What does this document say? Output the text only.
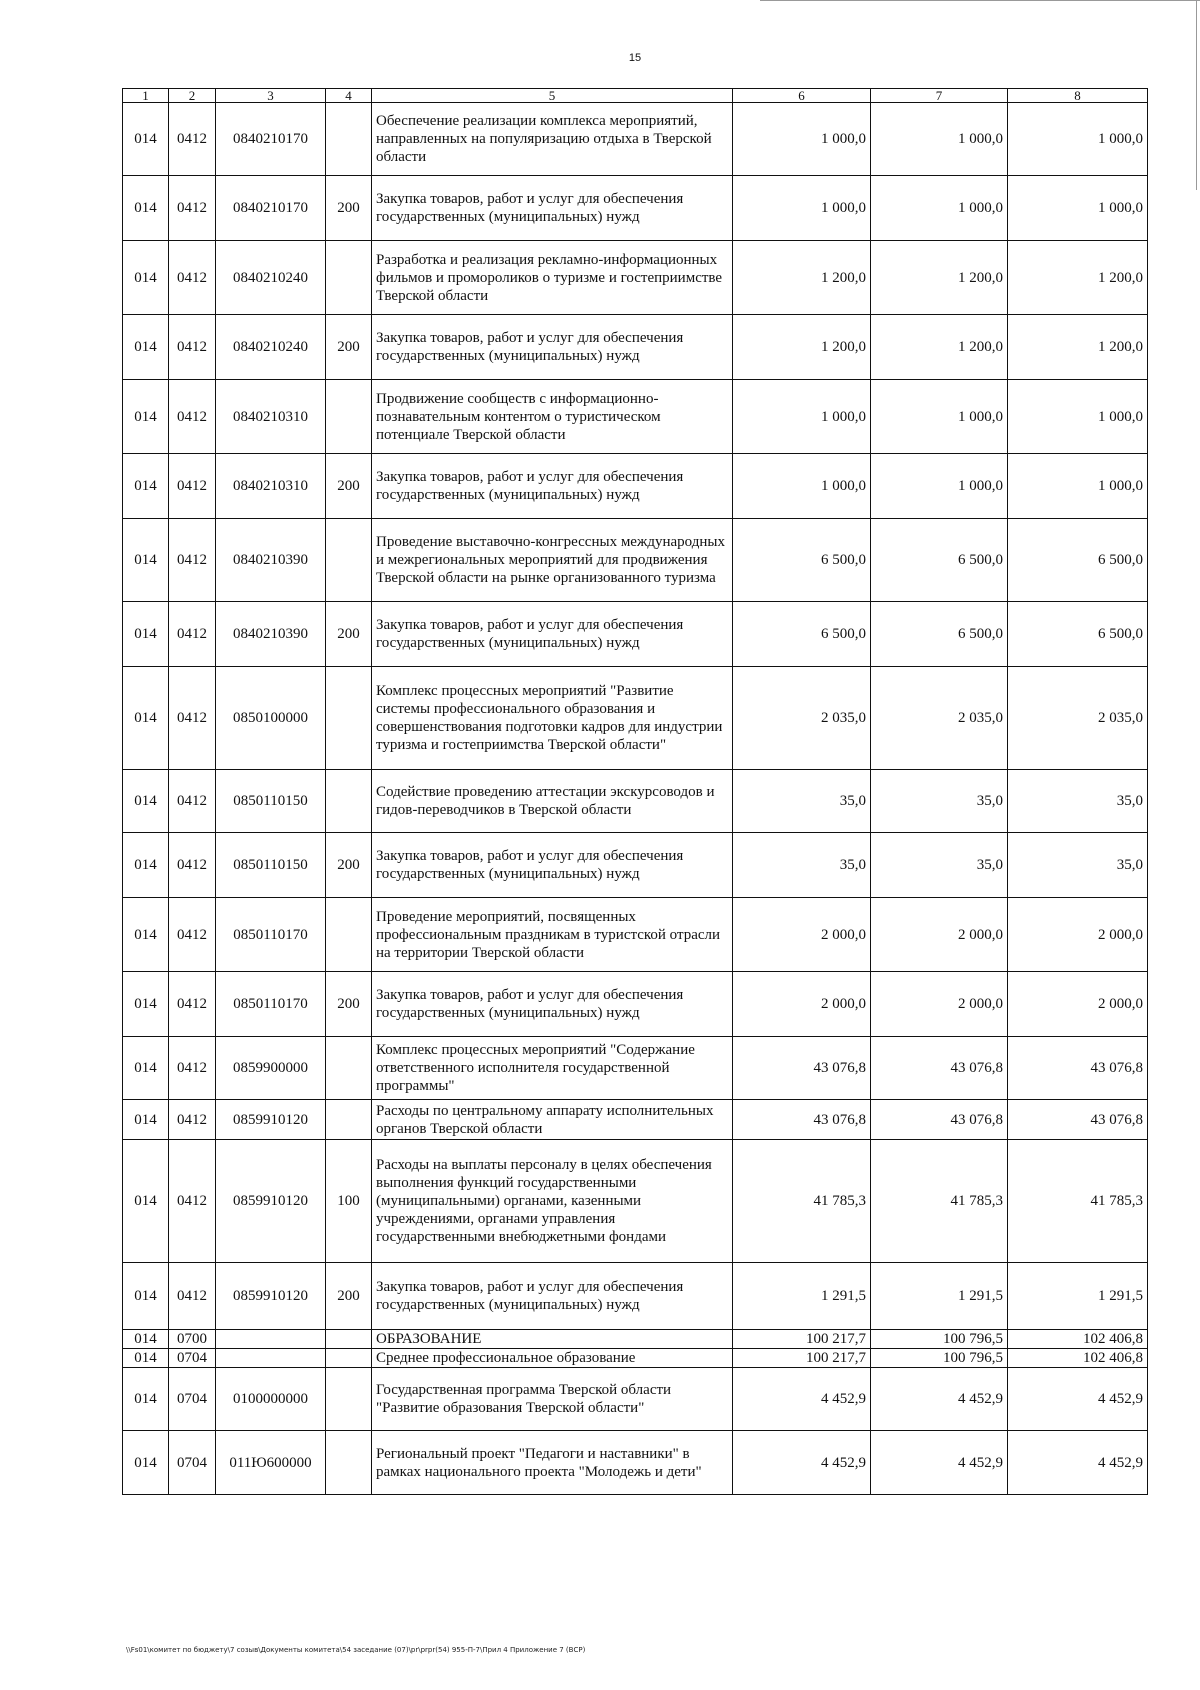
15
1	2	3	4	5	6	7	8
014	0412	0840210170		Обеспечение реализации комплекса мероприятий, направленных на популяризацию отдыха в Тверской области	1 000,0	1 000,0	1 000,0
014	0412	0840210170	200	Закупка товаров, работ и услуг для обеспечения государственных (муниципальных) нужд	1 000,0	1 000,0	1 000,0
014	0412	0840210240		Разработка и реализация рекламно-информационных фильмов и промороликов о туризме и гостеприимстве Тверской области	1 200,0	1 200,0	1 200,0
014	0412	0840210240	200	Закупка товаров, работ и услуг для обеспечения государственных (муниципальных) нужд	1 200,0	1 200,0	1 200,0
014	0412	0840210310		Продвижение сообществ с информационно-познавательным контентом о туристическом потенциале Тверской области	1 000,0	1 000,0	1 000,0
014	0412	0840210310	200	Закупка товаров, работ и услуг для обеспечения государственных (муниципальных) нужд	1 000,0	1 000,0	1 000,0
014	0412	0840210390		Проведение выставочно-конгрессных международных и межрегиональных мероприятий для продвижения Тверской области на рынке организованного туризма	6 500,0	6 500,0	6 500,0
014	0412	0840210390	200	Закупка товаров, работ и услуг для обеспечения государственных (муниципальных) нужд	6 500,0	6 500,0	6 500,0
014	0412	0850100000		Комплекс процессных мероприятий "Развитие системы профессионального образования и совершенствования подготовки кадров для индустрии туризма и гостеприимства Тверской области"	2 035,0	2 035,0	2 035,0
014	0412	0850110150		Содействие проведению аттестации экскурсоводов и гидов-переводчиков в Тверской области	35,0	35,0	35,0
014	0412	0850110150	200	Закупка товаров, работ и услуг для обеспечения государственных (муниципальных) нужд	35,0	35,0	35,0
014	0412	0850110170		Проведение мероприятий, посвященных профессиональным праздникам в туристской отрасли на территории Тверской области	2 000,0	2 000,0	2 000,0
014	0412	0850110170	200	Закупка товаров, работ и услуг для обеспечения государственных (муниципальных) нужд	2 000,0	2 000,0	2 000,0
014	0412	0859900000		Комплекс процессных мероприятий "Содержание ответственного исполнителя государственной программы"	43 076,8	43 076,8	43 076,8
014	0412	0859910120		Расходы по центральному аппарату исполнительных органов Тверской области	43 076,8	43 076,8	43 076,8
014	0412	0859910120	100	Расходы на выплаты персоналу в целях обеспечения выполнения функций государственными (муниципальными) органами, казенными учреждениями, органами управления государственными внебюджетными фондами	41 785,3	41 785,3	41 785,3
014	0412	0859910120	200	Закупка товаров, работ и услуг для обеспечения государственных (муниципальных) нужд	1 291,5	1 291,5	1 291,5
014	0700			ОБРАЗОВАНИЕ	100 217,7	100 796,5	102 406,8
014	0704			Среднее профессиональное образование	100 217,7	100 796,5	102 406,8
014	0704	0100000000		Государственная программа Тверской области "Развитие образования Тверской области"	4 452,9	4 452,9	4 452,9
014	0704	011Ю600000		Региональный проект "Педагоги и наставники" в рамках национального проекта "Молодежь и дети"	4 452,9	4 452,9	4 452,9
\\Fs01\комитет по бюджету\7 созыв\Документы комитета\54 заседание (07)\pr\prpr(54) 955-П-7\Прил 4 Приложение 7 (ВСР)
